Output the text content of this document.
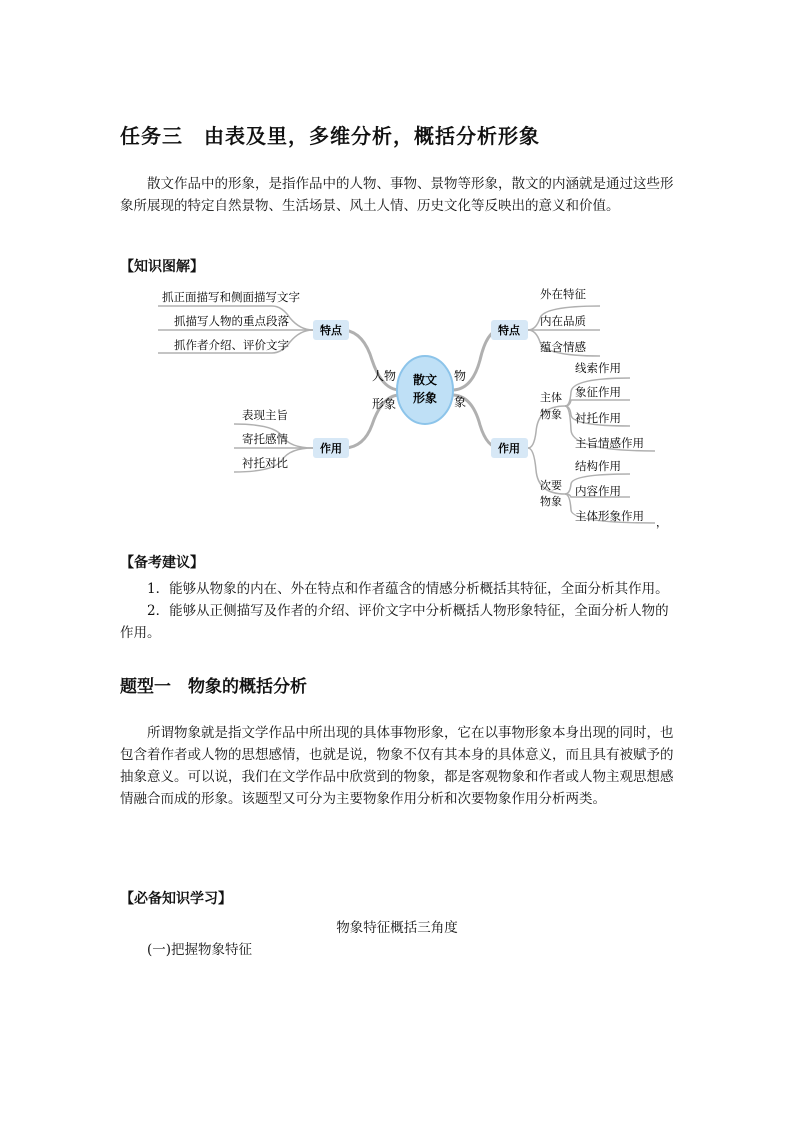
任务三　由表及里，多维分析，概括分析形象

散文作品中的形象，是指作品中的人物、事物、景物等形象，散文的内涵就是通过这些形象所展现的特定自然景物、生活场景、风土人情、历史文化等反映出的意义和价值。

【知识图解】
散文
形象
人物
形象
物
象
特点
作用
特点
作用
抓正面描写和侧面描写文字
抓描写人物的重点段落
抓作者介绍、评价文字
表现主旨
寄托感情
衬托对比
外在特征
内在品质
蕴含情感
主体
物象
次要
物象
线索作用
象征作用
衬托作用
主旨情感作用
结构作用
内容作用
主体形象作用 ，
【备考建议】

1．能够从物象的内在、外在特点和作者蕴含的情感分析概括其特征，全面分析其作用。

2．能够从正侧描写及作者的介绍、评价文字中分析概括人物形象特征，全面分析人物的作用。

题型一　物象的概括分析

所谓物象就是指文学作品中所出现的具体事物形象，它在以事物形象本身出现的同时，也包含着作者或人物的思想感情，也就是说，物象不仅有其本身的具体意义，而且具有被赋予的抽象意义。可以说，我们在文学作品中欣赏到的物象，都是客观物象和作者或人物主观思想感情融合而成的形象。该题型又可分为主要物象作用分析和次要物象作用分析两类。

【必备知识学习】
物象特征概括三角度
(一)把握物象特征
